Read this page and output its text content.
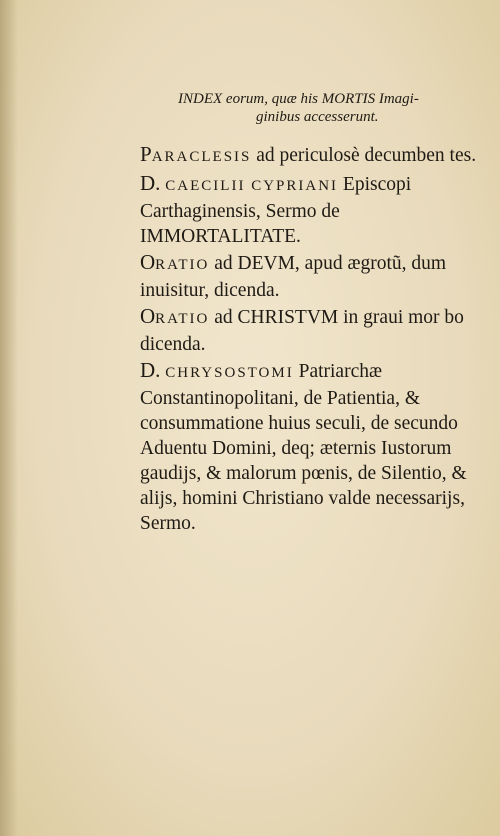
INDEX eorum, quæ his MORTIS Imagi-
ginibus accesserunt.
PARACLESIS ad periculosè decumben tes.
D. CAECILII CYPRIANI Episcopi Carthaginensis, Sermo de IMMORTALITATE.
ORATIO ad DEVM, apud ægrotũ, dum inuisitur, dicenda.
ORATIO ad CHRISTVM in graui mor bo dicenda.
D. CHRYSOSTOMI Patriarchæ Constantinopolitani, de Patientia, & consummatione huius seculi, de secundo Aduentu Domini, deq; æternis Iustorum gaudijs, & malorum pœnis, de Silentio, & alijs, homini Christiano valde necessarijs, Sermo.
